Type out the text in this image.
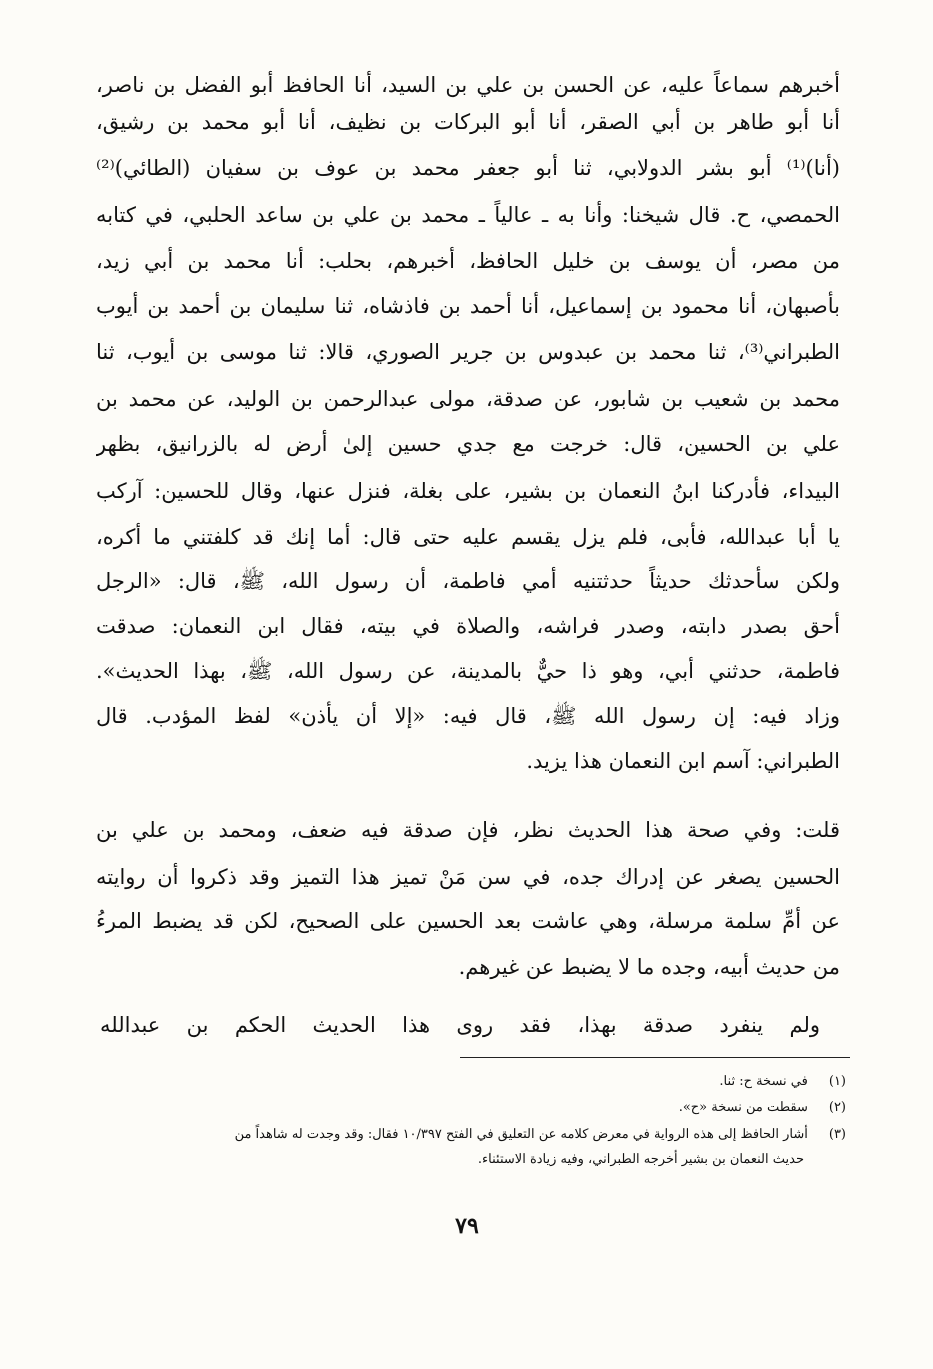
أخبرهم سماعاً عليه، عن الحسن بن علي بن السيد، أنا الحافظ أبو الفضل بن ناصر،

أنا أبو طاهر بن أبي الصقر، أنا أبو البركات بن نظيف، أنا أبو محمد بن رشيق،

(أنا)⁽¹⁾ أبو بشر الدولابي، ثنا أبو جعفر محمد بن عوف بن سفيان (الطائي)⁽²⁾

الحمصي، ح. قال شيخنا: وأنا به ـ عالياً ـ محمد بن علي بن ساعد الحلبي، في كتابه

من مصر، أن يوسف بن خليل الحافظ، أخبرهم، بحلب: أنا محمد بن أبي زيد،

بأصبهان، أنا محمود بن إسماعيل، أنا أحمد بن فاذشاه، ثنا سليمان بن أحمد بن أيوب

الطبراني⁽³⁾، ثنا محمد بن عبدوس بن جرير الصوري، قالا: ثنا موسى بن أيوب، ثنا

محمد بن شعيب بن شابور، عن صدقة، مولى عبدالرحمن بن الوليد، عن محمد بن

علي بن الحسين، قال: خرجت مع جدي حسين إلىٰ أرض له بالزرانيق، بظهر

البيداء، فأدركنا ابنُ النعمان بن بشير، على بغلة، فنزل عنها، وقال للحسين: آركب

يا أبا عبدالله، فأبى، فلم يزل يقسم عليه حتى قال: أما إنك قد كلفتني ما أكره،

ولكن سأحدثك حديثاً حدثتنيه أمي فاطمة، أن رسول الله، ﷺ، قال: «الرجل

أحق بصدر دابته، وصدر فراشه، والصلاة في بيته، فقال ابن النعمان: صدقت

فاطمة، حدثني أبي، وهو ذا حيٌّ بالمدينة، عن رسول الله، ﷺ، بهذا الحديث».

وزاد فيه: إن رسول الله ﷺ، قال فيه: «إلا أن يأذن» لفظ المؤدب. قال

الطبراني: آسم ابن النعمان هذا يزيد.

قلت: وفي صحة هذا الحديث نظر، فإن صدقة فيه ضعف، ومحمد بن علي بن

الحسين يصغر عن إدراك جده، في سن مَنْ تميز هذا التميز وقد ذكروا أن روايته

عن أمِّ سلمة مرسلة، وهي عاشت بعد الحسين على الصحيح، لكن قد يضبط المرءُ

من حديث أبيه، وجده ما لا يضبط عن غيرهم.

ولم ينفرد صدقة بهذا، فقد روى هذا الحديث الحكم بن عبدالله

(١) في نسخة ح: ثنا.

(٢) سقطت من نسخة «ح».

(٣) أشار الحافظ إلى هذه الرواية في معرض كلامه عن التعليق في الفتح ١٠/٣٩٧ فقال: وقد وجدت له شاهداً من

حديث النعمان بن بشير أخرجه الطبراني، وفيه زيادة الاستئناء.

٧٩
